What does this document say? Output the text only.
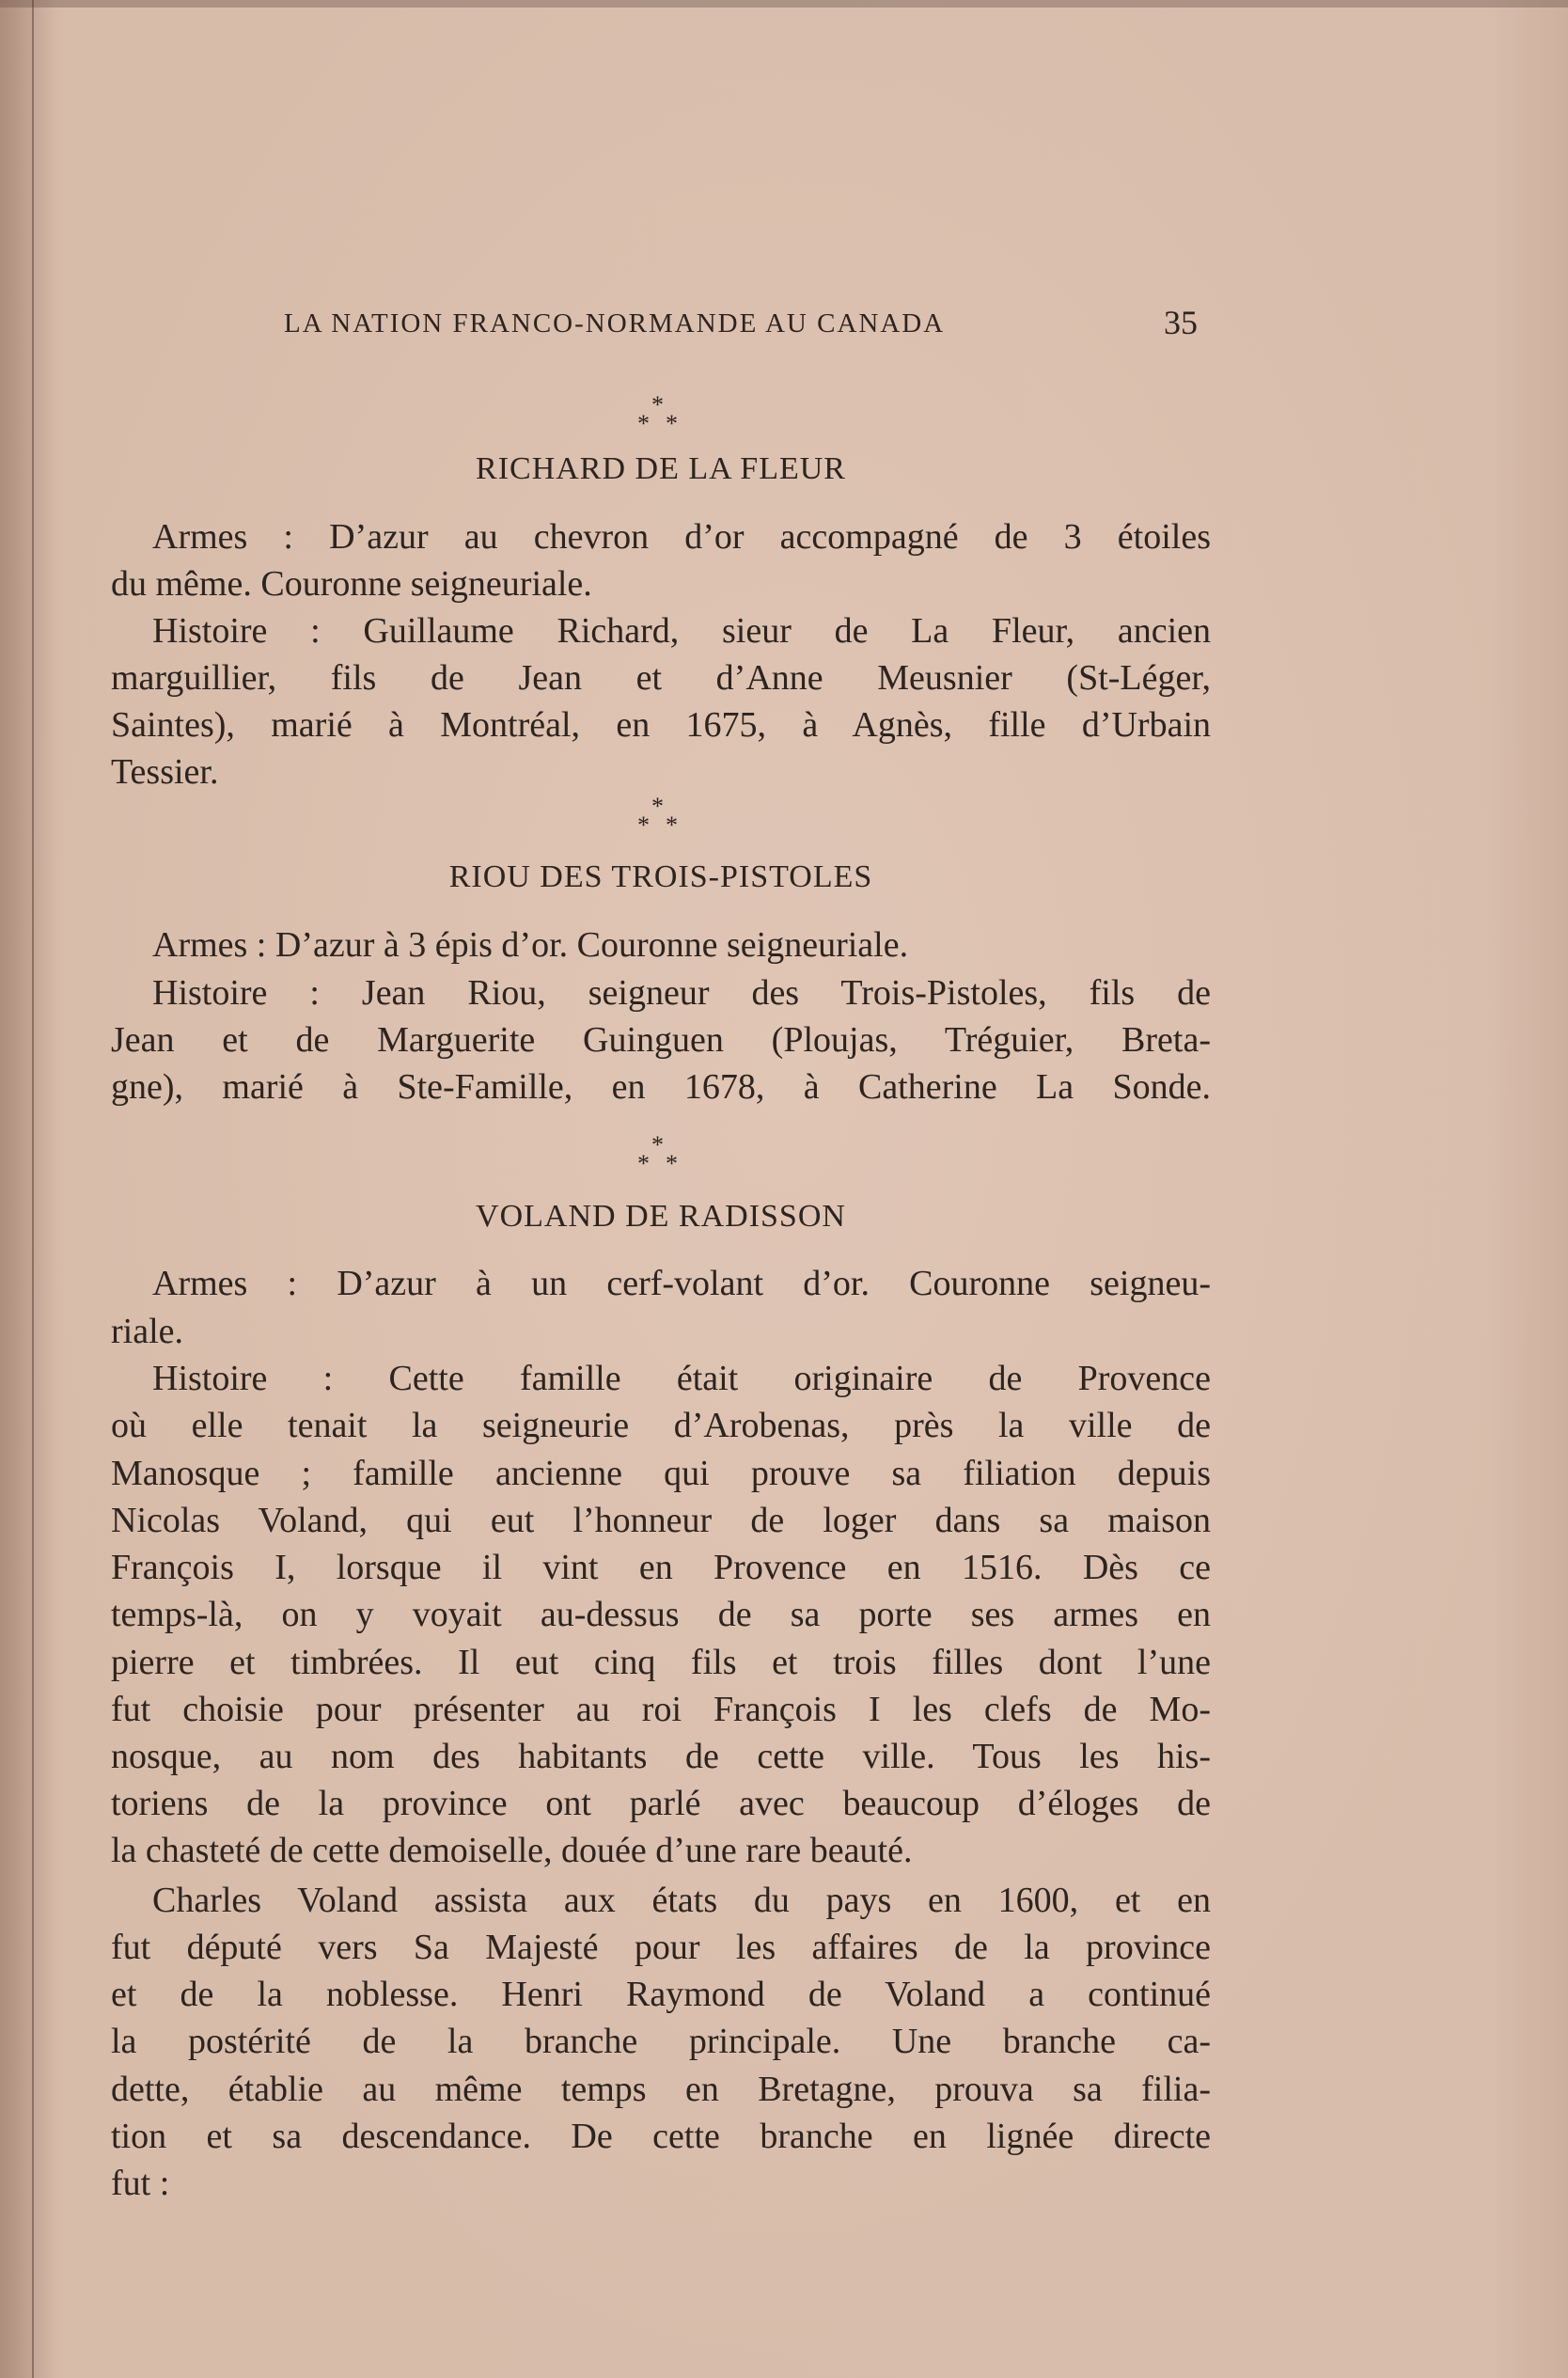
LA NATION FRANCO-NORMANDE AU CANADA	35
*
* *
RICHARD DE LA FLEUR
Armes : D’azur au chevron d’or accompagné de 3 étoiles
du même. Couronne seigneuriale.
Histoire : Guillaume Richard, sieur de La Fleur, ancien
marguillier, fils de Jean et d’Anne Meusnier (St-Léger,
Saintes), marié à Montréal, en 1675, à Agnès, fille d’Urbain
Tessier.
*
* *
RIOU DES TROIS-PISTOLES
Armes : D’azur à 3 épis d’or. Couronne seigneuriale.
Histoire : Jean Riou, seigneur des Trois-Pistoles, fils de
Jean et de Marguerite Guinguen (Ploujas, Tréguier, Breta-
gne), marié à Ste-Famille, en 1678, à Catherine La Sonde.
*
* *
VOLAND DE RADISSON
Armes : D’azur à un cerf-volant d’or. Couronne seigneu-
riale.
Histoire : Cette famille était originaire de Provence
où elle tenait la seigneurie d’Arobenas, près la ville de
Manosque ; famille ancienne qui prouve sa filiation depuis
Nicolas Voland, qui eut l’honneur de loger dans sa maison
François I, lorsque il vint en Provence en 1516. Dès ce
temps-là, on y voyait au-dessus de sa porte ses armes en
pierre et timbrées. Il eut cinq fils et trois filles dont l’une
fut choisie pour présenter au roi François I les clefs de Mo-
nosque, au nom des habitants de cette ville. Tous les his-
toriens de la province ont parlé avec beaucoup d’éloges de
la chasteté de cette demoiselle, douée d’une rare beauté.
Charles Voland assista aux états du pays en 1600, et en
fut député vers Sa Majesté pour les affaires de la province
et de la noblesse. Henri Raymond de Voland a continué
la postérité de la branche principale. Une branche ca-
dette, établie au même temps en Bretagne, prouva sa filia-
tion et sa descendance. De cette branche en lignée directe
fut :
